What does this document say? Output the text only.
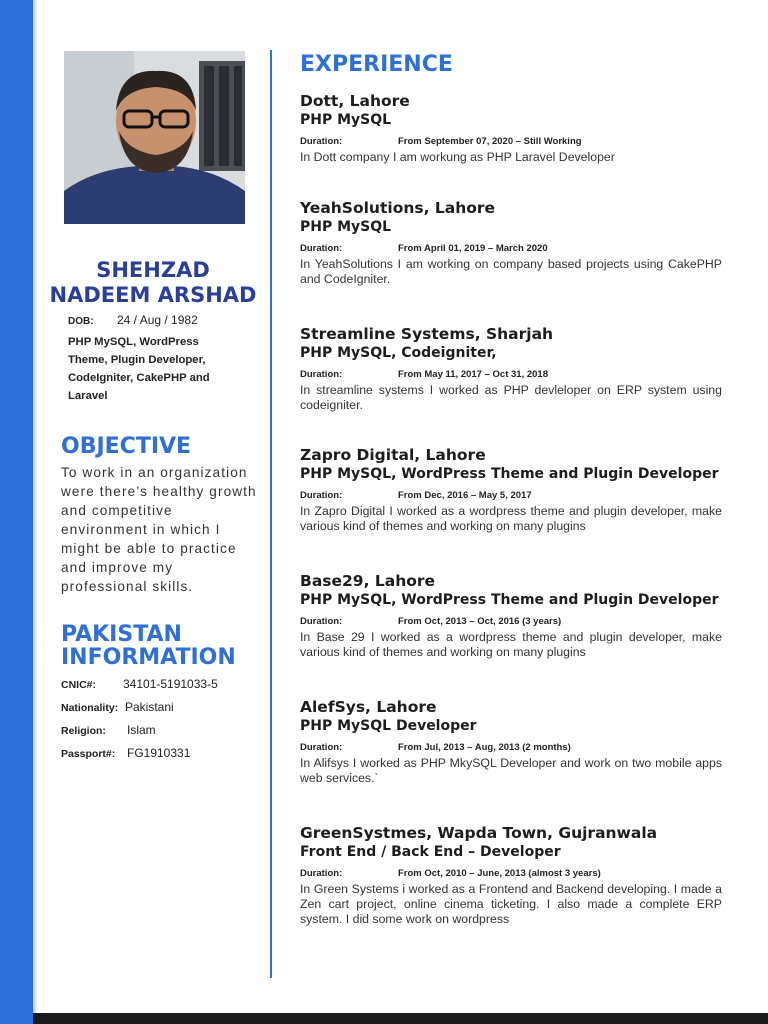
SHEHZAD
NADEEM ARSHAD
DOB: 24 / Aug / 1982
PHP MySQL, WordPress Theme, Plugin Developer, CodeIgniter, CakePHP and Laravel
OBJECTIVE
To work in an organization were there’s healthy growth and competitive environment in which I might be able to practice and improve my professional skills.
PAKISTAN
INFORMATION
CNIC#: 34101-5191033-5
Nationality: Pakistani
Religion: Islam
Passport#: FG1910331
EXPERIENCE
Dott, Lahore
PHP MySQL
Duration:	From September 07, 2020 – Still Working
In Dott company I am workung as PHP Laravel Developer
YeahSolutions, Lahore
PHP MySQL
Duration:	From April 01, 2019 – March 2020
In YeahSolutions I am working on company based projects using CakePHP and CodeIgniter.
Streamline Systems, Sharjah
PHP MySQL, Codeigniter,
Duration:	From May 11, 2017 – Oct 31, 2018
In streamline systems I worked as PHP devleloper on ERP system using codeigniter.
Zapro Digital, Lahore
PHP MySQL, WordPress Theme and Plugin Developer
Duration:	From Dec, 2016 – May 5, 2017
In Zapro Digital I worked as a wordpress theme and plugin developer, make various kind of themes and working on many plugins
Base29, Lahore
PHP MySQL, WordPress Theme and Plugin Developer
Duration:	From Oct, 2013 – Oct, 2016 (3 years)
In Base 29 I worked as a wordpress theme and plugin developer, make various kind of themes and working on many plugins
AlefSys, Lahore
PHP MySQL Developer
Duration:	From Jul, 2013 – Aug, 2013 (2 months)
In Alifsys I worked as PHP MkySQL Developer and work on two mobile apps web services.`
GreenSystmes, Wapda Town, Gujranwala
Front End / Back End – Developer
Duration:	From Oct, 2010 – June, 2013 (almost 3 years)
In Green Systems i worked as a Frontend and Backend developing. I made a Zen cart project, online cinema ticketing. I also made a complete ERP system. I did some work on wordpress
